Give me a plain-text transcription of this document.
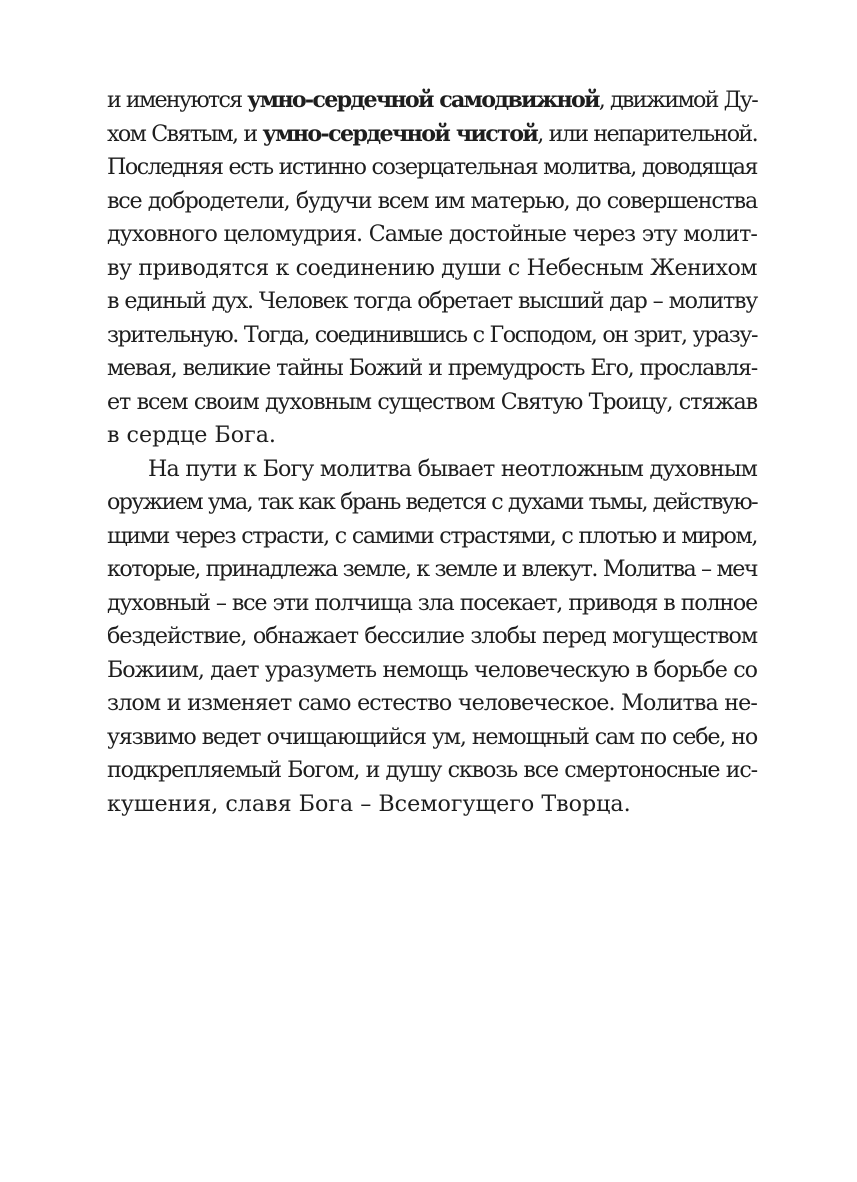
и именуются умно-сердечной самодвижной, движимой Ду-
хом Святым, и умно-сердечной чистой, или непарительной.
Последняя есть истинно созерцательная молитва, доводящая
все добродетели, будучи всем им матерью, до совершенства
духовного целомудрия. Самые достойные через эту молит-
ву приводятся к соединению души с Небесным Женихом
в единый дух. Человек тогда обретает высший дар – молитву
зрительную. Тогда, соединившись с Господом, он зрит, уразу-
мевая, великие тайны Божий и премудрость Его, прославля-
ет всем своим духовным существом Святую Троицу, стяжав
в сердце Бога.
На пути к Богу молитва бывает неотложным духовным
оружием ума, так как брань ведется с духами тьмы, действую-
щими через страсти, с самими страстями, с плотью и миром,
которые, принадлежа земле, к земле и влекут. Молитва – меч
духовный – все эти полчища зла посекает, приводя в полное
бездействие, обнажает бессилие злобы перед могуществом
Божиим, дает уразуметь немощь человеческую в борьбе со
злом и изменяет само естество человеческое. Молитва не-
уязвимо ведет очищающийся ум, немощный сам по себе, но
подкрепляемый Богом, и душу сквозь все смертоносные ис-
кушения, славя Бога – Всемогущего Творца.
